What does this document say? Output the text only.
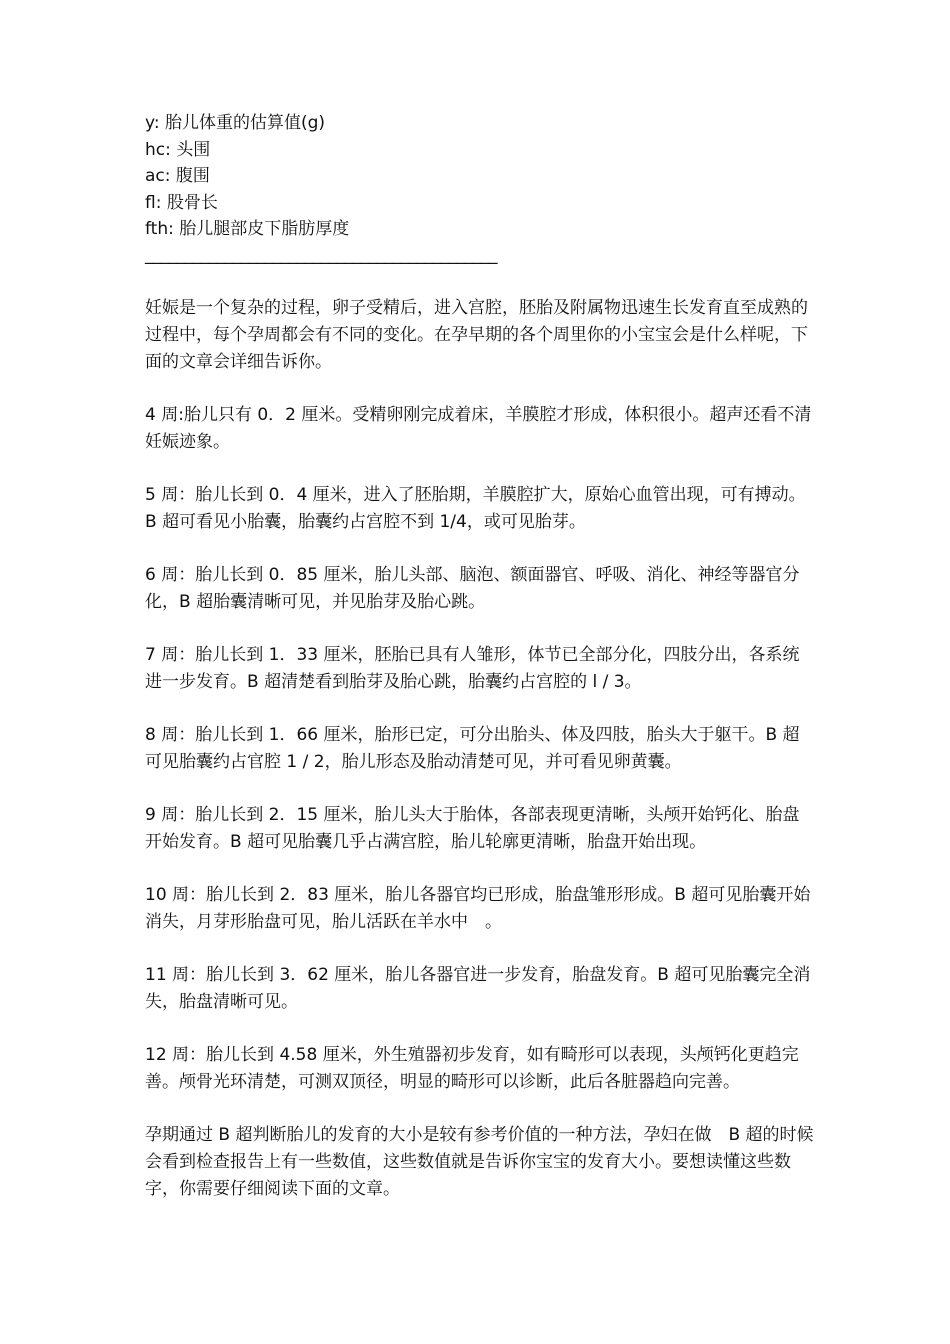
y: 胎儿体重的估算值(g)
hc: 头围
ac: 腹围
fl: 股骨长
fth: 胎儿腿部皮下脂肪厚度
____________________________________________

妊娠是一个复杂的过程，卵子受精后，进入宫腔，胚胎及附属物迅速生长发育直至成熟的过程中，每个孕周都会有不同的变化。在孕早期的各个周里你的小宝宝会是什么样呢，下面的文章会详细告诉你。

4 周:胎儿只有 0．2 厘米。受精卵刚完成着床，羊膜腔才形成，体积很小。超声还看不清妊娠迹象。

5 周：胎儿长到 0．4 厘米，进入了胚胎期，羊膜腔扩大，原始心血管出现，可有搏动。B 超可看见小胎囊，胎囊约占宫腔不到 1/4，或可见胎芽。

6 周：胎儿长到 0．85 厘米，胎儿头部、脑泡、额面器官、呼吸、消化、神经等器官分化，B 超胎囊清晰可见，并见胎芽及胎心跳。

7 周：胎儿长到 1．33 厘米，胚胎已具有人雏形，体节已全部分化，四肢分出，各系统进一步发育。B 超清楚看到胎芽及胎心跳，胎囊约占宫腔的 l / 3。

8 周：胎儿长到 1．66 厘米，胎形已定，可分出胎头、体及四肢，胎头大于躯干。B 超可见胎囊约占官腔 1 / 2，胎儿形态及胎动清楚可见，并可看见卵黄囊。

9 周：胎儿长到 2．15 厘米，胎儿头大于胎体，各部表现更清晰，头颅开始钙化、胎盘开始发育。B 超可见胎囊几乎占满宫腔，胎儿轮廓更清晰，胎盘开始出现。

10 周：胎儿长到 2．83 厘米，胎儿各器官均已形成，胎盘雏形形成。B 超可见胎囊开始消失，月芽形胎盘可见，胎儿活跃在羊水中　。

11 周：胎儿长到 3．62 厘米，胎儿各器官进一步发育，胎盘发育。B 超可见胎囊完全消失，胎盘清晰可见。

12 周：胎儿长到 4.58 厘米，外生殖器初步发育，如有畸形可以表现，头颅钙化更趋完善。颅骨光环清楚，可测双顶径，明显的畸形可以诊断，此后各脏器趋向完善。

孕期通过 B 超判断胎儿的发育的大小是较有参考价值的一种方法，孕妇在做　B 超的时候会看到检查报告上有一些数值，这些数值就是告诉你宝宝的发育大小。要想读懂这些数字，你需要仔细阅读下面的文章。
